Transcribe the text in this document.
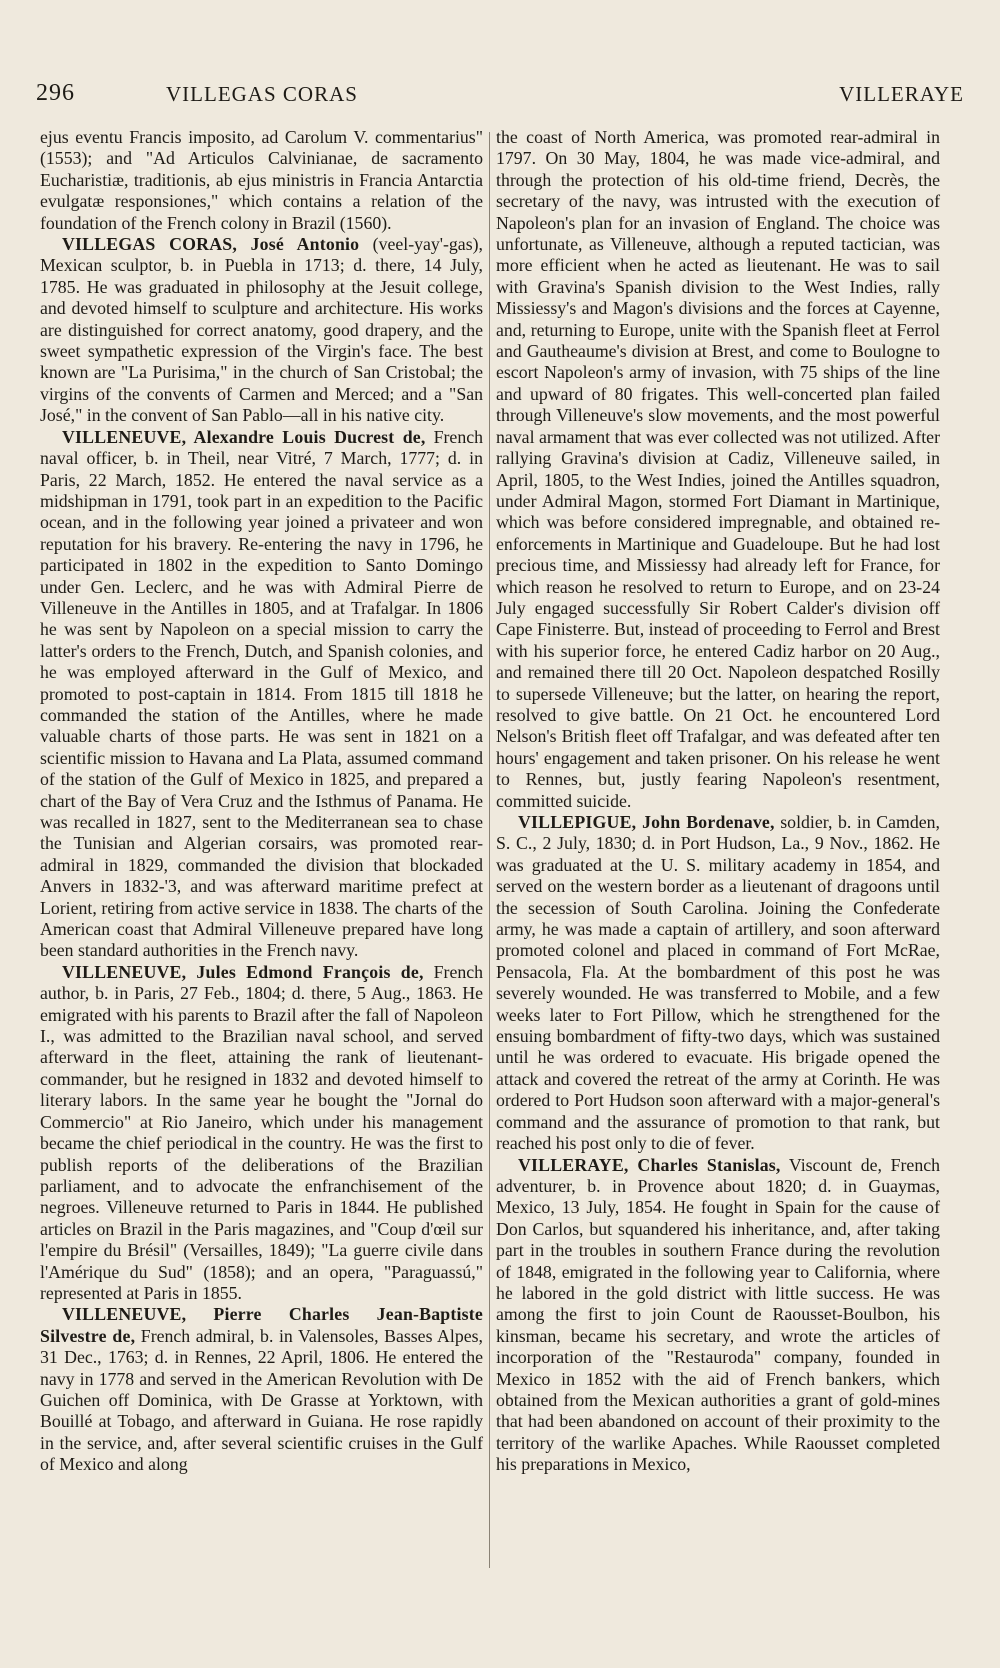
296	VILLEGAS CORAS	VILLERAYE

ejus eventu Francis imposito, ad Carolum V. commentarius" (1553); and "Ad Articulos Calvinianae, de sacramento Eucharistiæ, traditionis, ab ejus ministris in Francia Antarctia evulgatæ responsiones," which contains a relation of the foundation of the French colony in Brazil (1560).

VILLEGAS CORAS, José Antonio (veel-yay'-gas), Mexican sculptor, b. in Puebla in 1713; d. there, 14 July, 1785. He was graduated in philosophy at the Jesuit college, and devoted himself to sculpture and architecture. His works are distinguished for correct anatomy, good drapery, and the sweet sympathetic expression of the Virgin's face. The best known are "La Purisima," in the church of San Cristobal; the virgins of the convents of Carmen and Merced; and a "San José," in the convent of San Pablo—all in his native city.

VILLENEUVE, Alexandre Louis Ducrest de, French naval officer, b. in Theil, near Vitré, 7 March, 1777; d. in Paris, 22 March, 1852. He entered the naval service as a midshipman in 1791, took part in an expedition to the Pacific ocean, and in the following year joined a privateer and won reputation for his bravery. Re-entering the navy in 1796, he participated in 1802 in the expedition to Santo Domingo under Gen. Leclerc, and he was with Admiral Pierre de Villeneuve in the Antilles in 1805, and at Trafalgar. In 1806 he was sent by Napoleon on a special mission to carry the latter's orders to the French, Dutch, and Spanish colonies, and he was employed afterward in the Gulf of Mexico, and promoted to post-captain in 1814. From 1815 till 1818 he commanded the station of the Antilles, where he made valuable charts of those parts. He was sent in 1821 on a scientific mission to Havana and La Plata, assumed command of the station of the Gulf of Mexico in 1825, and prepared a chart of the Bay of Vera Cruz and the Isthmus of Panama. He was recalled in 1827, sent to the Mediterranean sea to chase the Tunisian and Algerian corsairs, was promoted rear-admiral in 1829, commanded the division that blockaded Anvers in 1832-'3, and was afterward maritime prefect at Lorient, retiring from active service in 1838. The charts of the American coast that Admiral Villeneuve prepared have long been standard authorities in the French navy.

VILLENEUVE, Jules Edmond François de, French author, b. in Paris, 27 Feb., 1804; d. there, 5 Aug., 1863. He emigrated with his parents to Brazil after the fall of Napoleon I., was admitted to the Brazilian naval school, and served afterward in the fleet, attaining the rank of lieutenant-commander, but he resigned in 1832 and devoted himself to literary labors. In the same year he bought the "Jornal do Commercio" at Rio Janeiro, which under his management became the chief periodical in the country. He was the first to publish reports of the deliberations of the Brazilian parliament, and to advocate the enfranchisement of the negroes. Villeneuve returned to Paris in 1844. He published articles on Brazil in the Paris magazines, and "Coup d'œil sur l'empire du Brésil" (Versailles, 1849); "La guerre civile dans l'Amérique du Sud" (1858); and an opera, "Paraguassú," represented at Paris in 1855.

VILLENEUVE, Pierre Charles Jean-Baptiste Silvestre de, French admiral, b. in Valensoles, Basses Alpes, 31 Dec., 1763; d. in Rennes, 22 April, 1806. He entered the navy in 1778 and served in the American Revolution with De Guichen off Dominica, with De Grasse at Yorktown, with Bouillé at Tobago, and afterward in Guiana. He rose rapidly in the service, and, after several scientific cruises in the Gulf of Mexico and along

the coast of North America, was promoted rear-admiral in 1797. On 30 May, 1804, he was made vice-admiral, and through the protection of his old-time friend, Decrès, the secretary of the navy, was intrusted with the execution of Napoleon's plan for an invasion of England. The choice was unfortunate, as Villeneuve, although a reputed tactician, was more efficient when he acted as lieutenant. He was to sail with Gravina's Spanish division to the West Indies, rally Missiessy's and Magon's divisions and the forces at Cayenne, and, returning to Europe, unite with the Spanish fleet at Ferrol and Gautheaume's division at Brest, and come to Boulogne to escort Napoleon's army of invasion, with 75 ships of the line and upward of 80 frigates. This well-concerted plan failed through Villeneuve's slow movements, and the most powerful naval armament that was ever collected was not utilized. After rallying Gravina's division at Cadiz, Villeneuve sailed, in April, 1805, to the West Indies, joined the Antilles squadron, under Admiral Magon, stormed Fort Diamant in Martinique, which was before considered impregnable, and obtained re-enforcements in Martinique and Guadeloupe. But he had lost precious time, and Missiessy had already left for France, for which reason he resolved to return to Europe, and on 23-24 July engaged successfully Sir Robert Calder's division off Cape Finisterre. But, instead of proceeding to Ferrol and Brest with his superior force, he entered Cadiz harbor on 20 Aug., and remained there till 20 Oct. Napoleon despatched Rosilly to supersede Villeneuve; but the latter, on hearing the report, resolved to give battle. On 21 Oct. he encountered Lord Nelson's British fleet off Trafalgar, and was defeated after ten hours' engagement and taken prisoner. On his release he went to Rennes, but, justly fearing Napoleon's resentment, committed suicide.

VILLEPIGUE, John Bordenave, soldier, b. in Camden, S. C., 2 July, 1830; d. in Port Hudson, La., 9 Nov., 1862. He was graduated at the U. S. military academy in 1854, and served on the western border as a lieutenant of dragoons until the secession of South Carolina. Joining the Confederate army, he was made a captain of artillery, and soon afterward promoted colonel and placed in command of Fort McRae, Pensacola, Fla. At the bombardment of this post he was severely wounded. He was transferred to Mobile, and a few weeks later to Fort Pillow, which he strengthened for the ensuing bombardment of fifty-two days, which was sustained until he was ordered to evacuate. His brigade opened the attack and covered the retreat of the army at Corinth. He was ordered to Port Hudson soon afterward with a major-general's command and the assurance of promotion to that rank, but reached his post only to die of fever.

VILLERAYE, Charles Stanislas, Viscount de, French adventurer, b. in Provence about 1820; d. in Guaymas, Mexico, 13 July, 1854. He fought in Spain for the cause of Don Carlos, but squandered his inheritance, and, after taking part in the troubles in southern France during the revolution of 1848, emigrated in the following year to California, where he labored in the gold district with little success. He was among the first to join Count de Raousset-Boulbon, his kinsman, became his secretary, and wrote the articles of incorporation of the "Restauroda" company, founded in Mexico in 1852 with the aid of French bankers, which obtained from the Mexican authorities a grant of gold-mines that had been abandoned on account of their proximity to the territory of the warlike Apaches. While Raousset completed his preparations in Mexico,
